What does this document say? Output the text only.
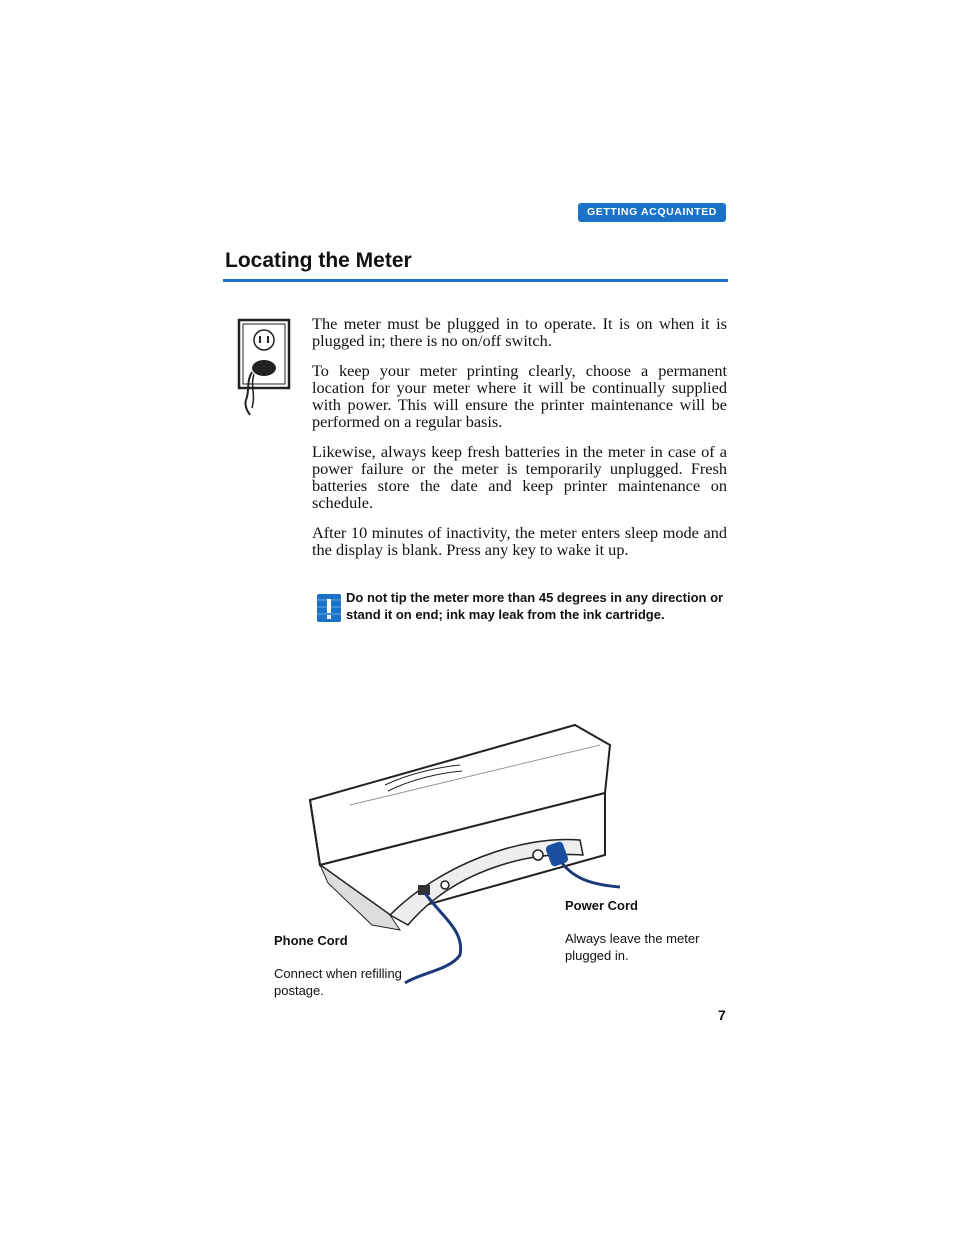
GETTING ACQUAINTED
Locating the Meter

The meter must be plugged in to operate. It is on when it is plugged in; there is no on/off switch.

To keep your meter printing clearly, choose a permanent location for your meter where it will be continually supplied with power. This will ensure the printer maintenance will be performed on a regular basis.

Likewise, always keep fresh batteries in the meter in case of a power failure or the meter is temporarily unplugged. Fresh batteries store the date and keep printer maintenance on schedule.

After 10 minutes of inactivity, the meter enters sleep mode and the display is blank. Press any key to wake it up.

Do not tip the meter more than 45 degrees in any direction or stand it on end; ink may leak from the ink cartridge.
Phone Cord
Connect when refilling postage.
Power Cord
Always leave the meter plugged in.
7
